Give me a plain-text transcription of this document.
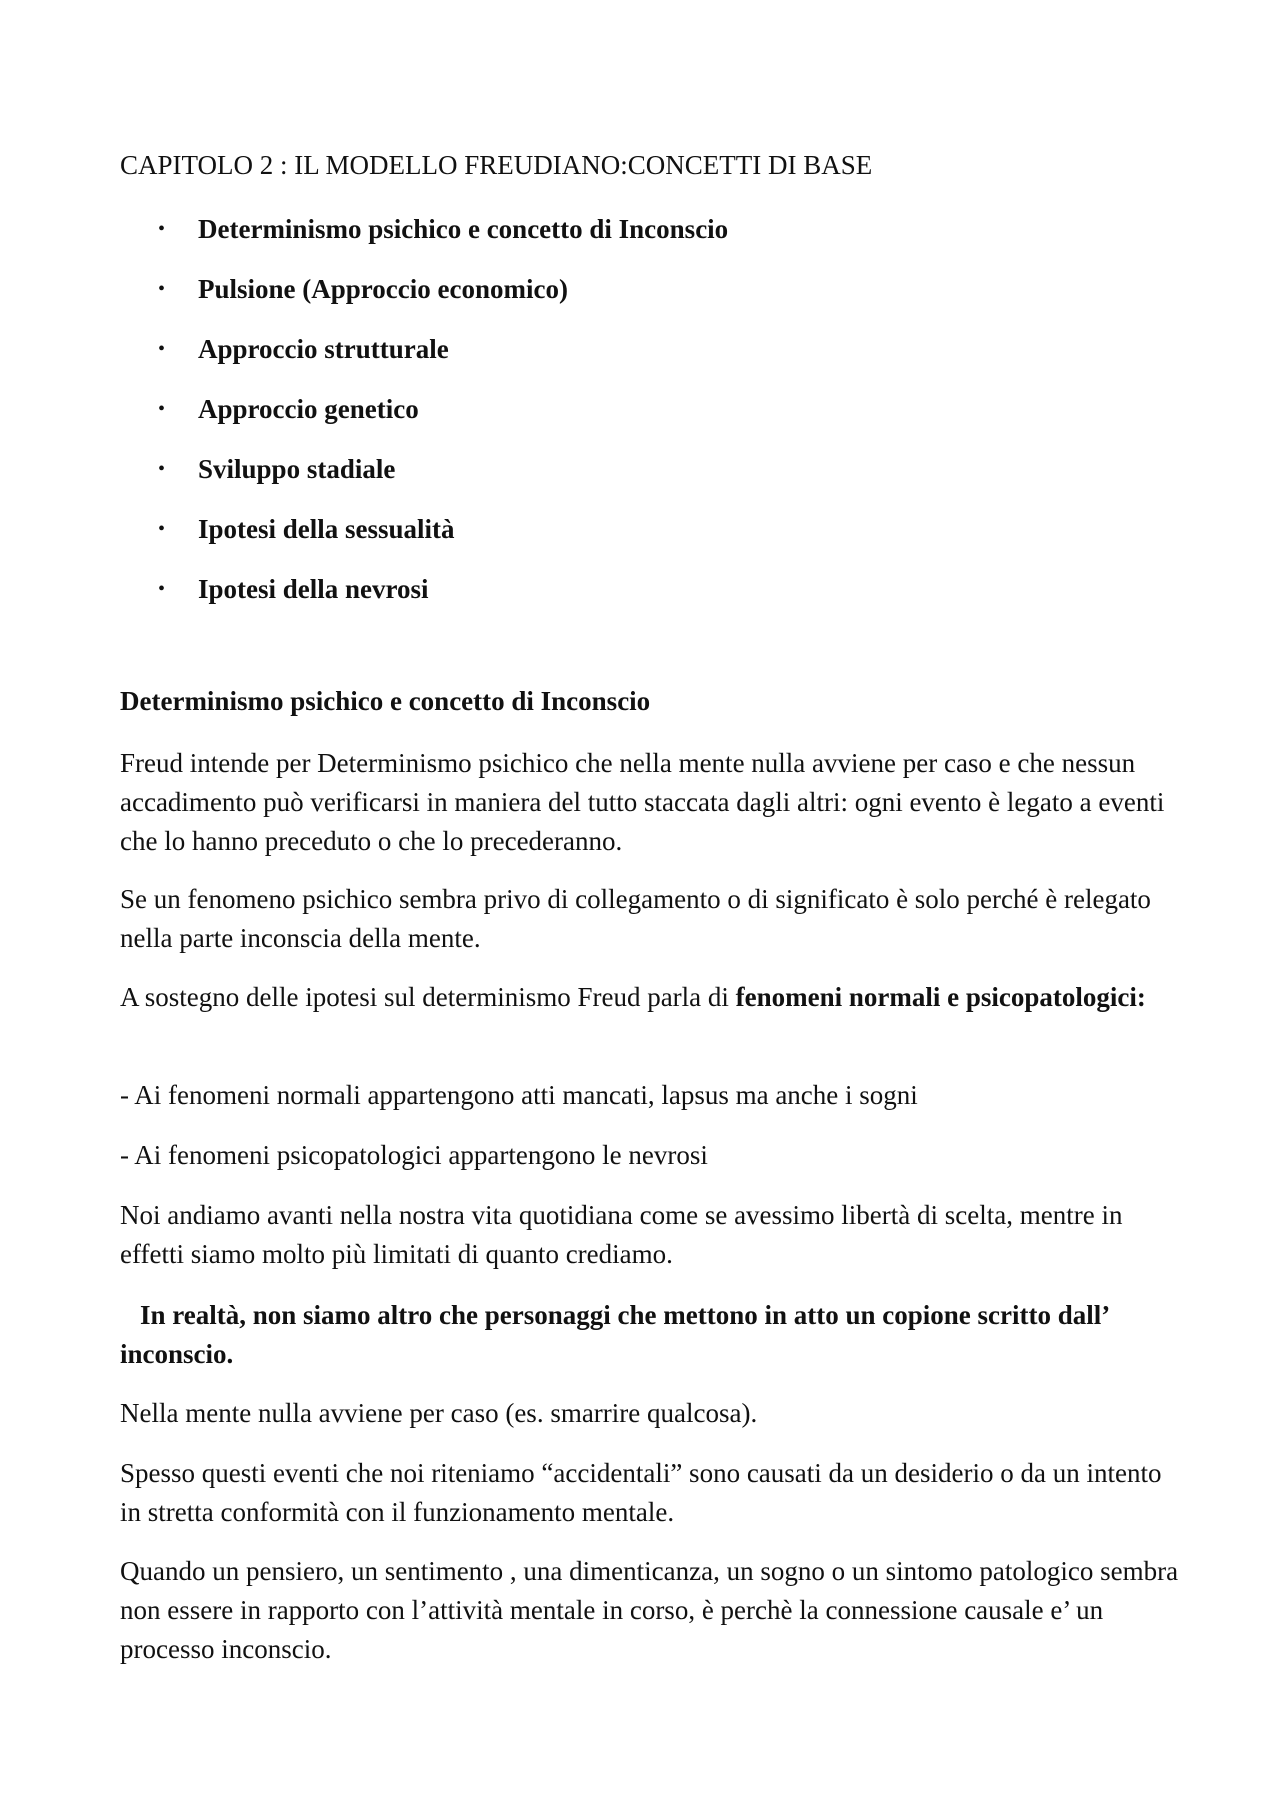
CAPITOLO 2 : IL MODELLO FREUDIANO:CONCETTI DI BASE
• Determinismo psichico e concetto di Inconscio
• Pulsione (Approccio economico)
• Approccio strutturale
• Approccio genetico
• Sviluppo stadiale
• Ipotesi della sessualità
• Ipotesi della nevrosi
Determinismo psichico e concetto di Inconscio

Freud intende per Determinismo psichico che nella mente nulla avviene per caso e che nessun accadimento può verificarsi in maniera del tutto staccata dagli altri: ogni evento è legato a eventi che lo hanno preceduto o che lo precederanno.

Se un fenomeno psichico sembra privo di collegamento o di significato è solo perché è relegato nella parte inconscia della mente.

A sostegno delle ipotesi sul determinismo Freud parla di fenomeni normali e psicopatologici:

- Ai fenomeni normali appartengono atti mancati, lapsus ma anche i sogni

- Ai fenomeni psicopatologici appartengono le nevrosi

Noi andiamo avanti nella nostra vita quotidiana come se avessimo libertà di scelta, mentre in effetti siamo molto più limitati di quanto crediamo.

In realtà, non siamo altro che personaggi che mettono in atto un copione scritto dall’ inconscio.

Nella mente nulla avviene per caso (es. smarrire qualcosa).

Spesso questi eventi che noi riteniamo “accidentali” sono causati da un desiderio o da un intento in stretta conformità con il funzionamento mentale.

Quando un pensiero, un sentimento , una dimenticanza, un sogno o un sintomo patologico sembra non essere in rapporto con l’attività mentale in corso, è perchè la connessione causale e’ un processo inconscio.
